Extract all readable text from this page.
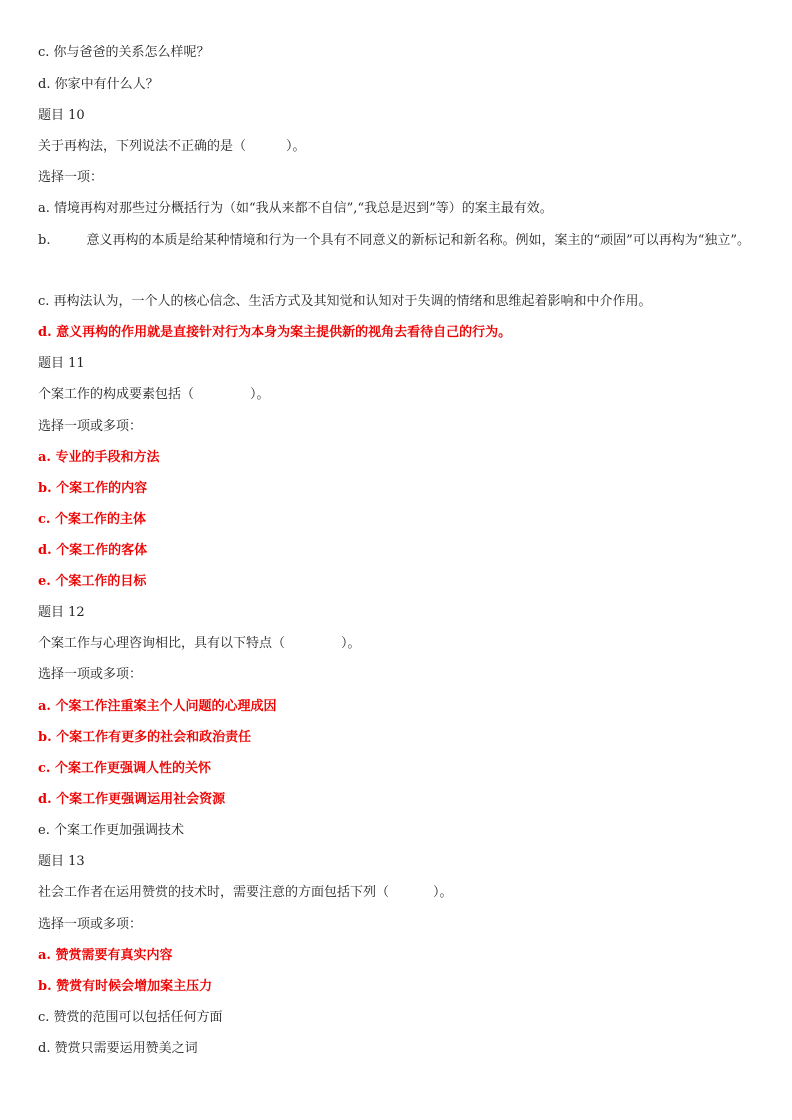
c. 你与爸爸的关系怎么样呢？
d. 你家中有什么人？
题目 10
关于再构法，下列说法不正确的是（	）。
选择一项：
a. 情境再构对那些过分概括行为（如“我从来都不自信”,“我总是迟到”等）的案主最有效。
b.	意义再构的本质是给某种情境和行为一个具有不同意义的新标记和新名称。例如，案主的“顽固”可以再构为“独立”。
c. 再构法认为，一个人的核心信念、生活方式及其知觉和认知对于失调的情绪和思维起着影响和中介作用。
d. 意义再构的作用就是直接针对行为本身为案主提供新的视角去看待自己的行为。
题目 11
个案工作的构成要素包括（	）。
选择一项或多项：
a. 专业的手段和方法
b. 个案工作的内容
c. 个案工作的主体
d. 个案工作的客体
e. 个案工作的目标
题目 12
个案工作与心理咨询相比，具有以下特点（	）。
选择一项或多项：
a. 个案工作注重案主个人问题的心理成因
b. 个案工作有更多的社会和政治责任
c. 个案工作更强调人性的关怀
d. 个案工作更强调运用社会资源
e. 个案工作更加强调技术
题目 13
社会工作者在运用赞赏的技术时，需要注意的方面包括下列（	）。
选择一项或多项：
a. 赞赏需要有真实内容
b. 赞赏有时候会增加案主压力
c. 赞赏的范围可以包括任何方面
d. 赞赏只需要运用赞美之词
